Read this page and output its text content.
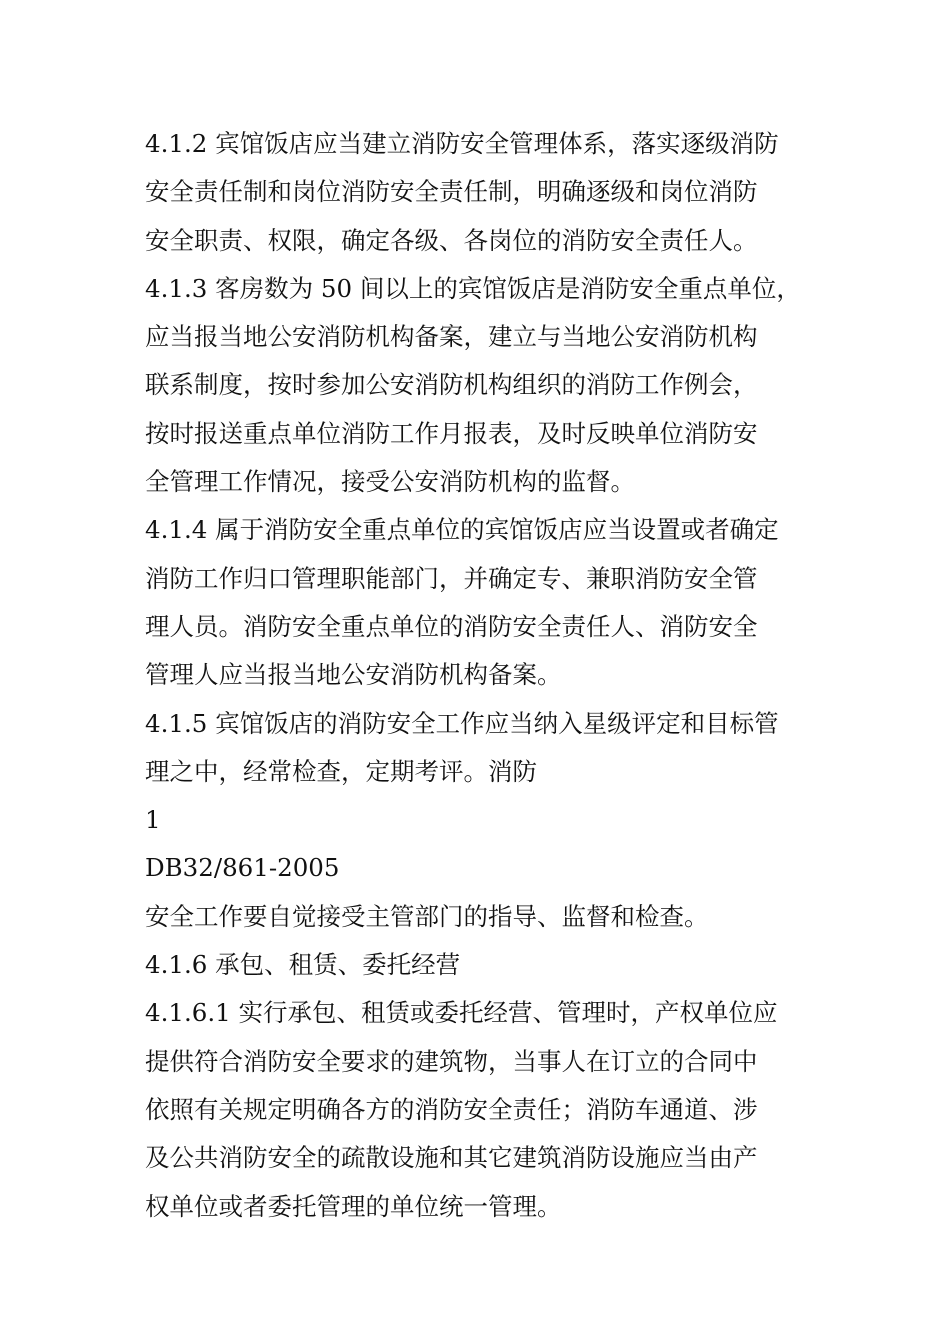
4.1.2 宾馆饭店应当建立消防安全管理体系，落实逐级消防
安全责任制和岗位消防安全责任制，明确逐级和岗位消防
安全职责、权限，确定各级、各岗位的消防安全责任人。
4.1.3 客房数为 50 间以上的宾馆饭店是消防安全重点单位，
应当报当地公安消防机构备案，建立与当地公安消防机构
联系制度，按时参加公安消防机构组织的消防工作例会，
按时报送重点单位消防工作月报表，及时反映单位消防安
全管理工作情况，接受公安消防机构的监督。
4.1.4 属于消防安全重点单位的宾馆饭店应当设置或者确定
消防工作归口管理职能部门，并确定专、兼职消防安全管
理人员。消防安全重点单位的消防安全责任人、消防安全
管理人应当报当地公安消防机构备案。
4.1.5 宾馆饭店的消防安全工作应当纳入星级评定和目标管
理之中，经常检查，定期考评。消防
1
DB32/861-2005
安全工作要自觉接受主管部门的指导、监督和检查。
4.1.6 承包、租赁、委托经营
4.1.6.1 实行承包、租赁或委托经营、管理时，产权单位应
提供符合消防安全要求的建筑物，当事人在订立的合同中
依照有关规定明确各方的消防安全责任；消防车通道、涉
及公共消防安全的疏散设施和其它建筑消防设施应当由产
权单位或者委托管理的单位统一管理。
